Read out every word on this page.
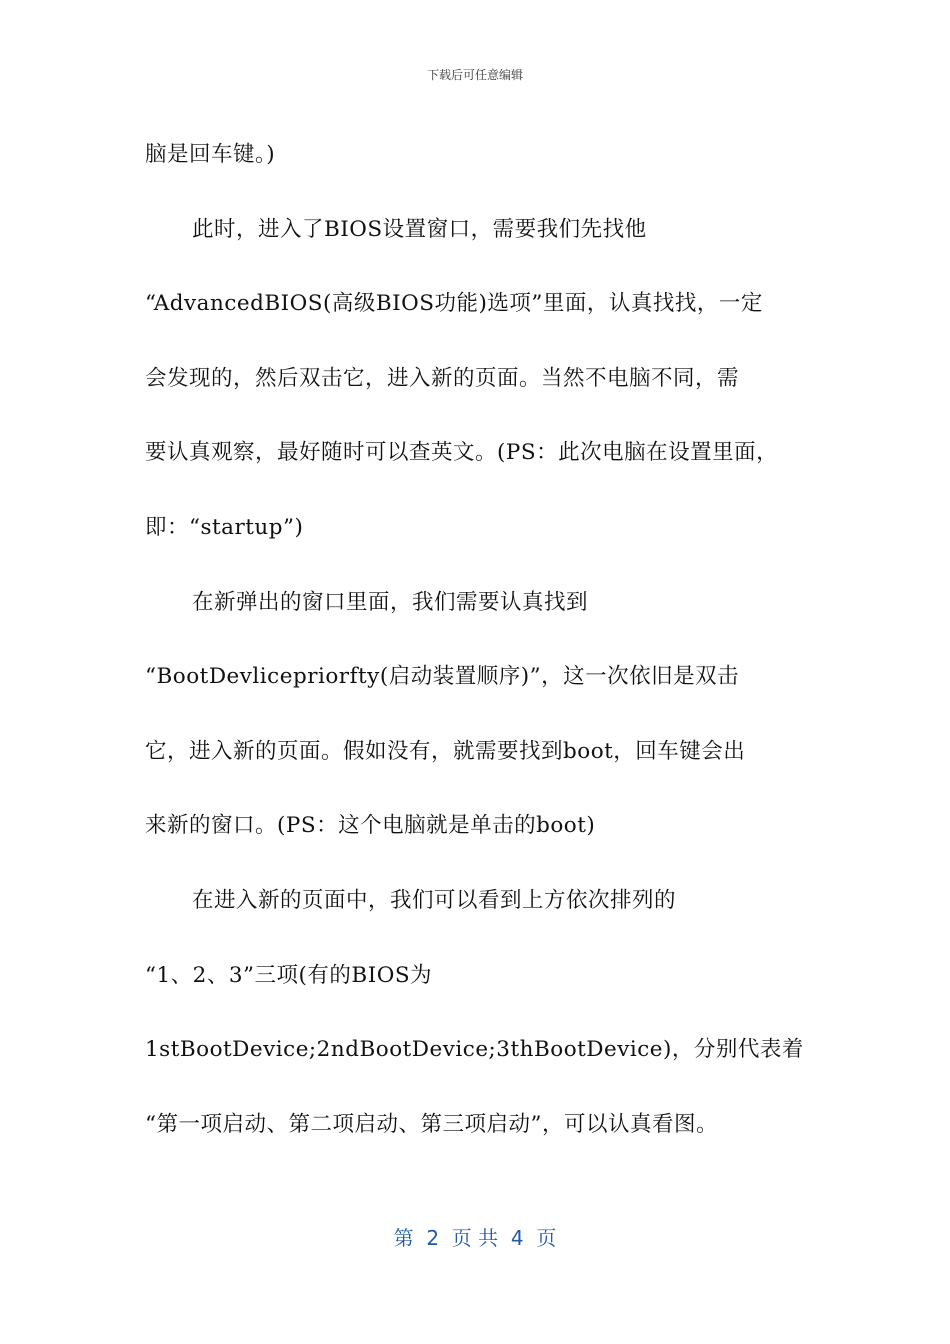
下载后可任意编辑
脑是回车键。)
此时，进入了BIOS设置窗口，需要我们先找他
“AdvancedBIOS(高级BIOS功能)选项”里面，认真找找，一定
会发现的，然后双击它，进入新的页面。当然不电脑不同，需
要认真观察，最好随时可以查英文。(PS：此次电脑在设置里面，
即：“startup”)
在新弹出的窗口里面，我们需要认真找到
“BootDevlicepriorfty(启动装置顺序)”，这一次依旧是双击
它，进入新的页面。假如没有，就需要找到boot，回车键会出
来新的窗口。(PS：这个电脑就是单击的boot)
在进入新的页面中，我们可以看到上方依次排列的
“1、2、3”三项(有的BIOS为
1stBootDevice;2ndBootDevice;3thBootDevice)，分别代表着
“第一项启动、第二项启动、第三项启动”，可以认真看图。
第  2  页 共  4  页
